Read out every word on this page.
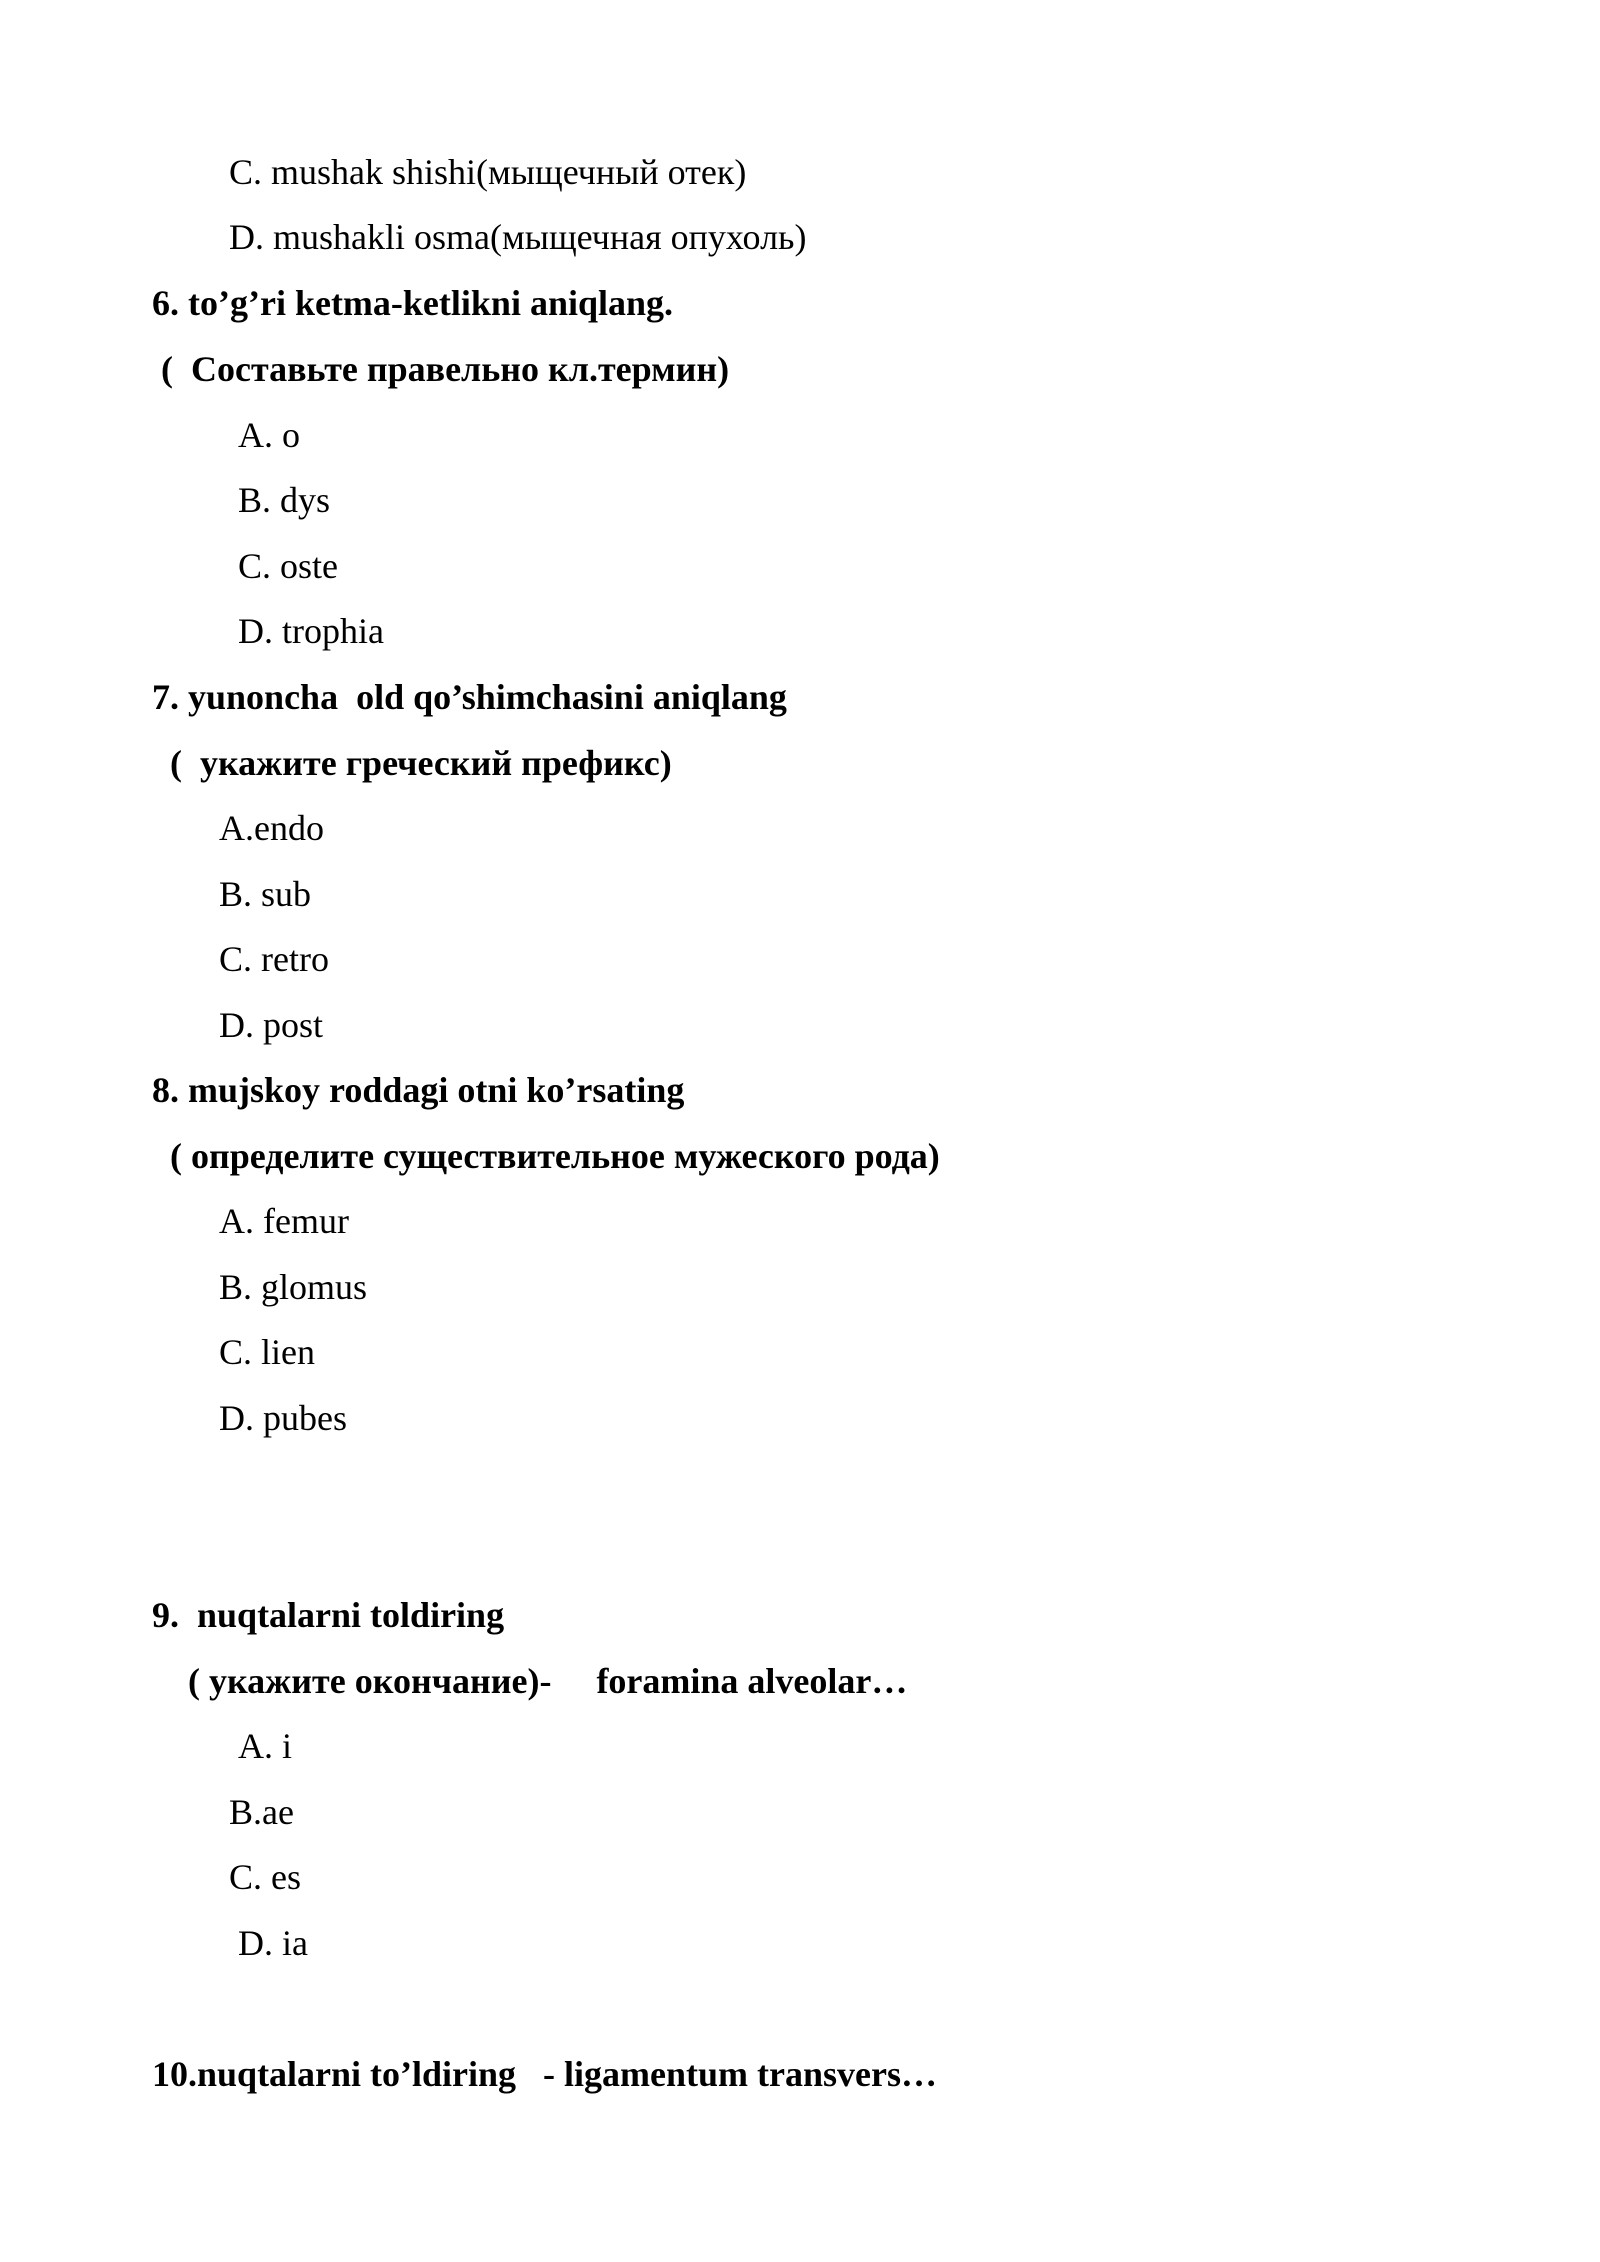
C. mushak shishi(мыщечный отек)
D. mushakli osma(мыщечная опухоль)
6. to’g’ri ketma-ketlikni aniqlang.
(  Составьте правельно кл.термин)
A. o
B. dys
C. oste
D. trophia
7. yunoncha  old qo’shimchasini aniqlang
(  укажите греческий префикс)
A.endo
B. sub
C. retro
D. post
8. mujskoy roddagi otni ko’rsating
( определите существительное мужеского рода)
A. femur
B. glomus
C. lien
D. pubes
9.  nuqtalarni toldiring
( укажите окончание)-     foramina alveolar…
A. i
B.ae
C. es
D. ia
10.nuqtalarni to’ldiring   - ligamentum transvers…
